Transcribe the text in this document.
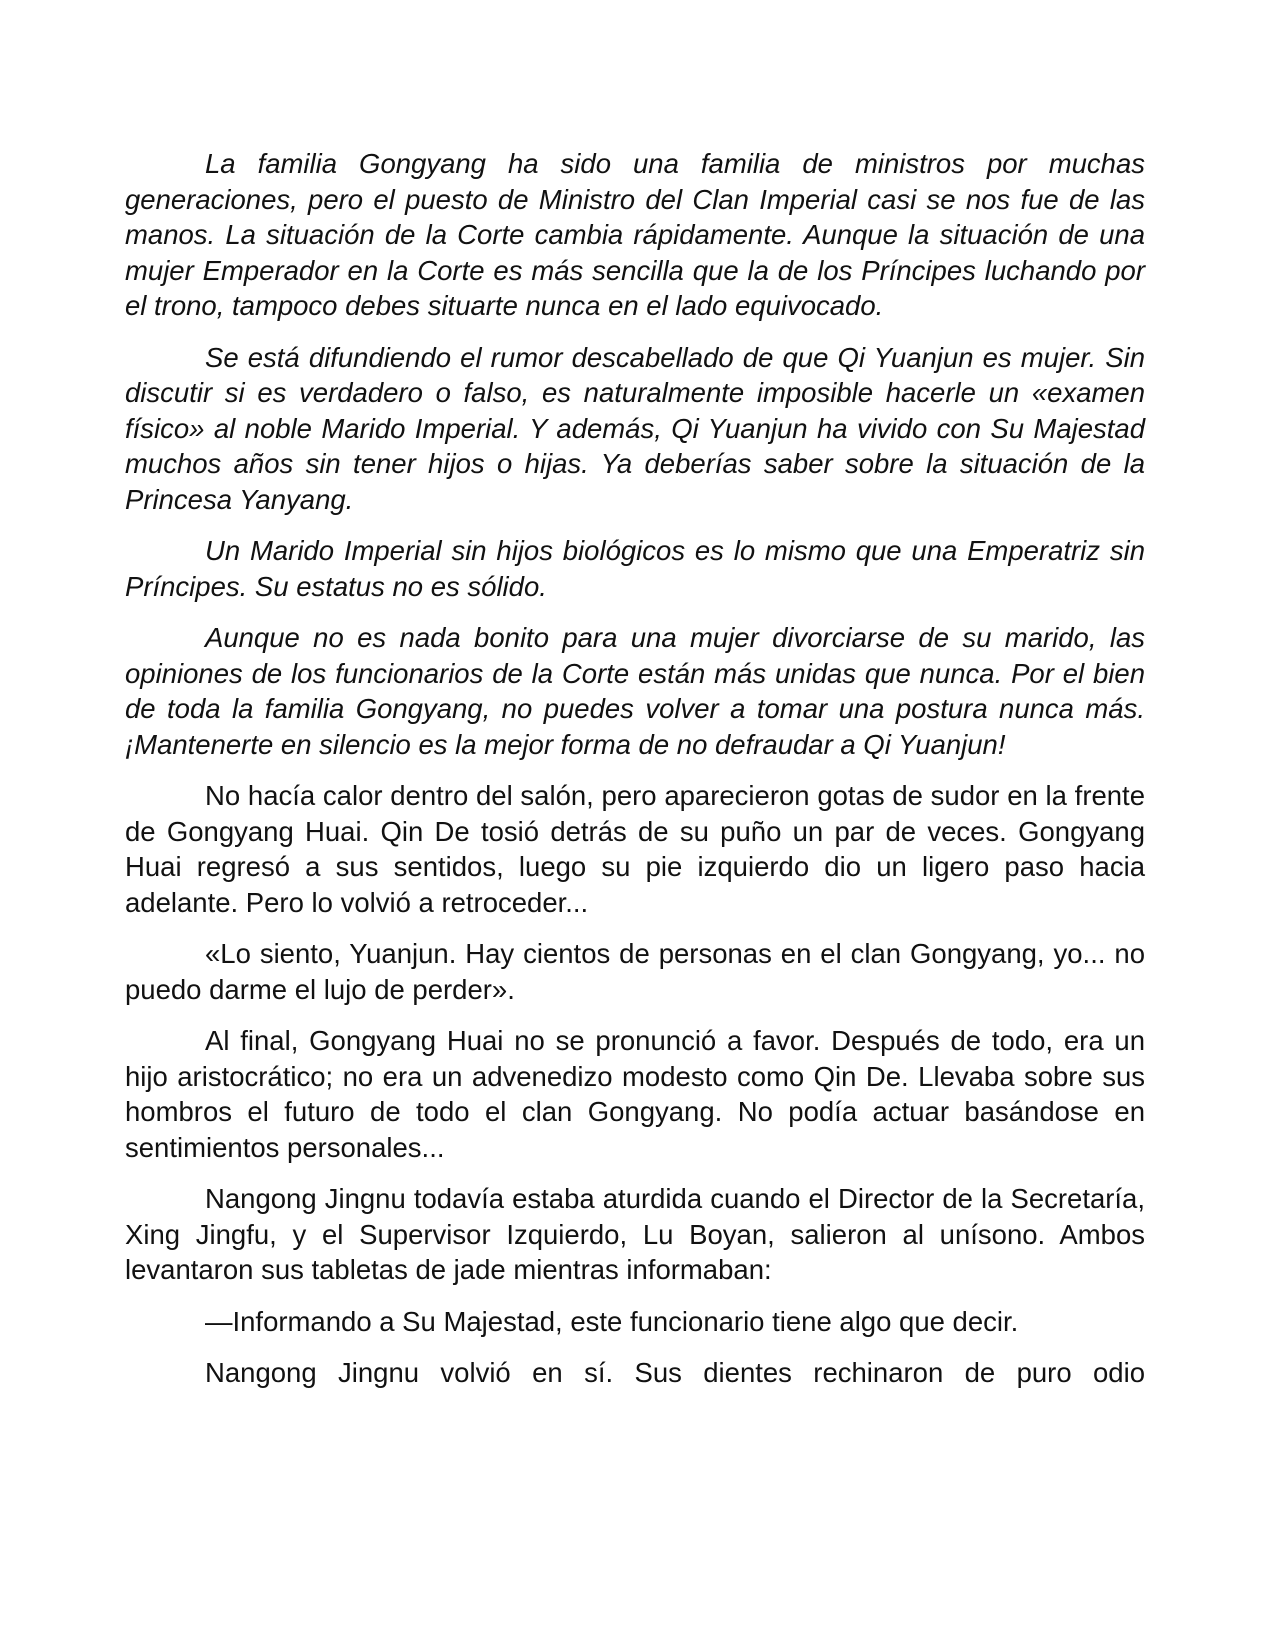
La familia Gongyang ha sido una familia de ministros por muchas generaciones, pero el puesto de Ministro del Clan Imperial casi se nos fue de las manos. La situación de la Corte cambia rápidamente. Aunque la situación de una mujer Emperador en la Corte es más sencilla que la de los Príncipes luchando por el trono, tampoco debes situarte nunca en el lado equivocado.

Se está difundiendo el rumor descabellado de que Qi Yuanjun es mujer. Sin discutir si es verdadero o falso, es naturalmente imposible hacerle un «examen físico» al noble Marido Imperial. Y además, Qi Yuanjun ha vivido con Su Majestad muchos años sin tener hijos o hijas. Ya deberías saber sobre la situación de la Princesa Yanyang.

Un Marido Imperial sin hijos biológicos es lo mismo que una Emperatriz sin Príncipes. Su estatus no es sólido.

Aunque no es nada bonito para una mujer divorciarse de su marido, las opiniones de los funcionarios de la Corte están más unidas que nunca. Por el bien de toda la familia Gongyang, no puedes volver a tomar una postura nunca más. ¡Mantenerte en silencio es la mejor forma de no defraudar a Qi Yuanjun!

No hacía calor dentro del salón, pero aparecieron gotas de sudor en la frente de Gongyang Huai. Qin De tosió detrás de su puño un par de veces. Gongyang Huai regresó a sus sentidos, luego su pie izquierdo dio un ligero paso hacia adelante. Pero lo volvió a retroceder...

«Lo siento, Yuanjun. Hay cientos de personas en el clan Gongyang, yo... no puedo darme el lujo de perder».

Al final, Gongyang Huai no se pronunció a favor. Después de todo, era un hijo aristocrático; no era un advenedizo modesto como Qin De. Llevaba sobre sus hombros el futuro de todo el clan Gongyang. No podía actuar basándose en sentimientos personales...

Nangong Jingnu todavía estaba aturdida cuando el Director de la Secretaría, Xing Jingfu, y el Supervisor Izquierdo, Lu Boyan, salieron al unísono. Ambos levantaron sus tabletas de jade mientras informaban:

—Informando a Su Majestad, este funcionario tiene algo que decir.

Nangong Jingnu volvió en sí. Sus dientes rechinaron de puro odio
